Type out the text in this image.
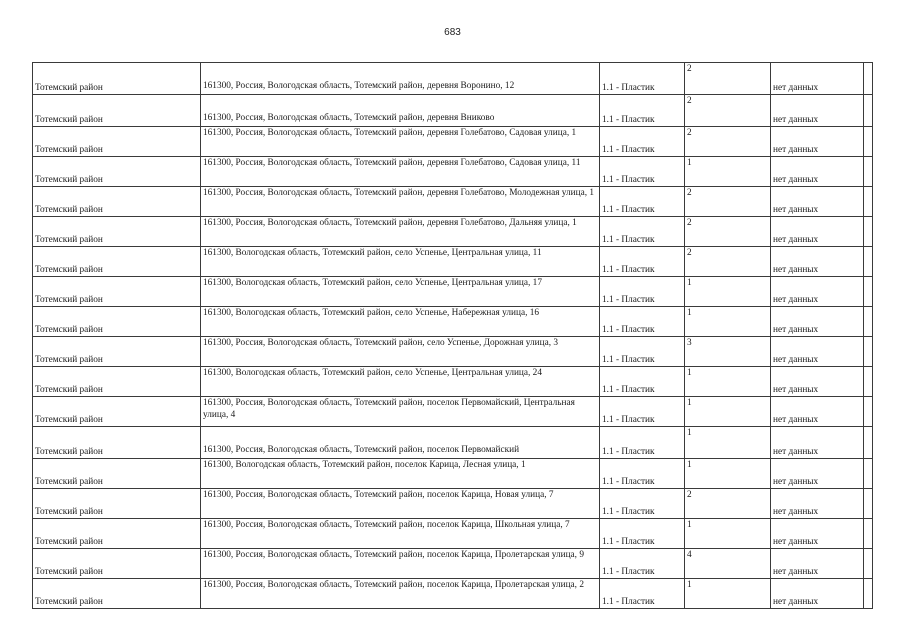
683
Тотемский район	161300, Россия, Вологодская область, Тотемский район, деревня Воронино, 12	1.1 - Пластик	2	нет данных
Тотемский район	161300, Россия, Вологодская область, Тотемский район, деревня Вниково	1.1 - Пластик	2	нет данных
Тотемский район	161300, Россия, Вологодская область, Тотемский район, деревня Голебатово, Садовая улица, 1	1.1 - Пластик	2	нет данных
Тотемский район	161300, Россия, Вологодская область, Тотемский район, деревня Голебатово, Садовая улица, 11	1.1 - Пластик	1	нет данных
Тотемский район	161300, Россия, Вологодская область, Тотемский район, деревня Голебатово, Молодежная улица, 1	1.1 - Пластик	2	нет данных
Тотемский район	161300, Россия, Вологодская область, Тотемский район, деревня Голебатово, Дальняя улица, 1	1.1 - Пластик	2	нет данных
Тотемский район	161300, Вологодская область, Тотемский район, село Успенье, Центральная улица, 11	1.1 - Пластик	2	нет данных
Тотемский район	161300, Вологодская область, Тотемский район, село Успенье, Центральная улица, 17	1.1 - Пластик	1	нет данных
Тотемский район	161300, Вологодская область, Тотемский район, село Успенье, Набережная улица, 16	1.1 - Пластик	1	нет данных
Тотемский район	161300, Россия, Вологодская область, Тотемский район, село Успенье, Дорожная улица, 3	1.1 - Пластик	3	нет данных
Тотемский район	161300, Вологодская область, Тотемский район, село Успенье, Центральная улица, 24	1.1 - Пластик	1	нет данных
Тотемский район	161300, Россия, Вологодская область, Тотемский район, поселок Первомайский, Центральная улица, 4	1.1 - Пластик	1	нет данных
Тотемский район	161300, Россия, Вологодская область, Тотемский район, поселок Первомайский	1.1 - Пластик	1	нет данных
Тотемский район	161300, Вологодская область, Тотемский район, поселок Карица, Лесная улица, 1	1.1 - Пластик	1	нет данных
Тотемский район	161300, Россия, Вологодская область, Тотемский район, поселок Карица, Новая улица, 7	1.1 - Пластик	2	нет данных
Тотемский район	161300, Россия, Вологодская область, Тотемский район, поселок Карица, Школьная улица, 7	1.1 - Пластик	1	нет данных
Тотемский район	161300, Россия, Вологодская область, Тотемский район, поселок Карица, Пролетарская улица, 9	1.1 - Пластик	4	нет данных
Тотемский район	161300, Россия, Вологодская область, Тотемский район, поселок Карица, Пролетарская улица, 2	1.1 - Пластик	1	нет данных
